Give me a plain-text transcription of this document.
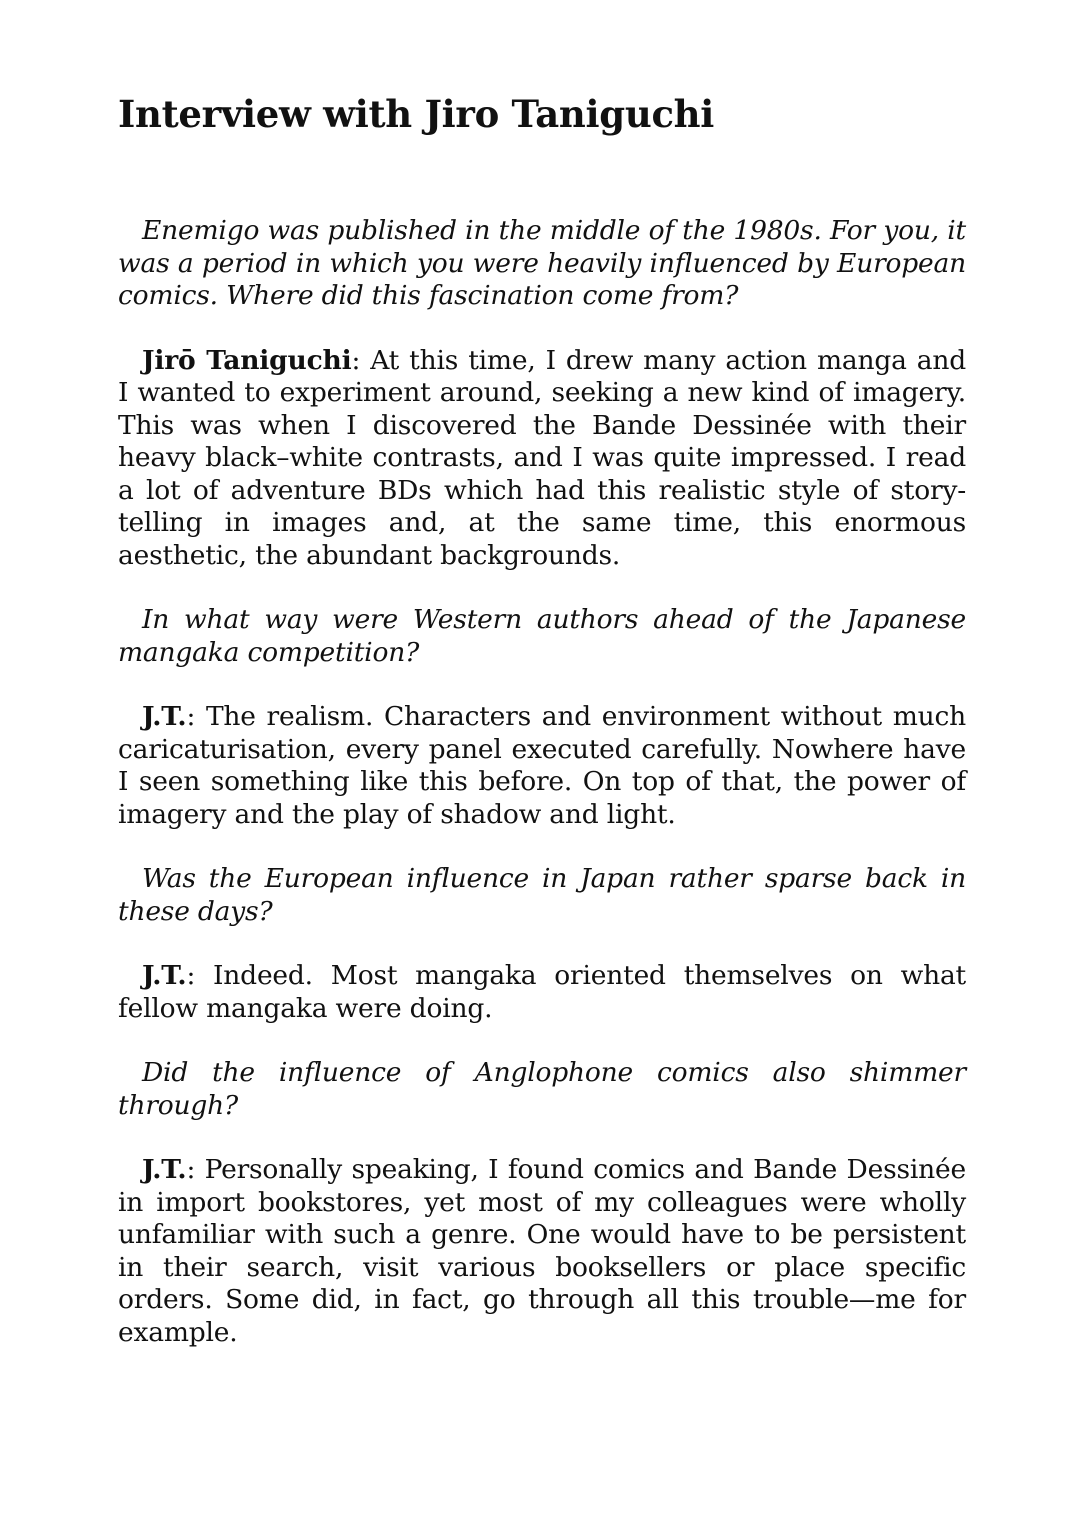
Interview with Jiro Taniguchi

Enemigo was published in the middle of the 1980s. For you, it was a period in which you were heavily influenced by European comics. Where did this fascination come from?

Jirō Taniguchi: At this time, I drew many action manga and I wanted to experiment around, seeking a new kind of imagery. This was when I discovered the Bande Dessinée with their heavy black–white contrasts, and I was quite impressed. I read a lot of adventure BDs which had this realistic style of story-telling in images and, at the same time, this enormous aesthetic, the abundant backgrounds.

In what way were Western authors ahead of the Japanese mangaka competition?

J.T.: The realism. Characters and environment without much caricaturisation, every panel executed carefully. Nowhere have I seen something like this before. On top of that, the power of imagery and the play of shadow and light.

Was the European influence in Japan rather sparse back in these days?

J.T.: Indeed. Most mangaka oriented themselves on what fellow mangaka were doing.

Did the influence of Anglophone comics also shimmer through?

J.T.: Personally speaking, I found comics and Bande Dessinée in import bookstores, yet most of my colleagues were wholly unfamiliar with such a genre. One would have to be persistent in their search, visit various booksellers or place specific orders. Some did, in fact, go through all this trouble—me for example.
